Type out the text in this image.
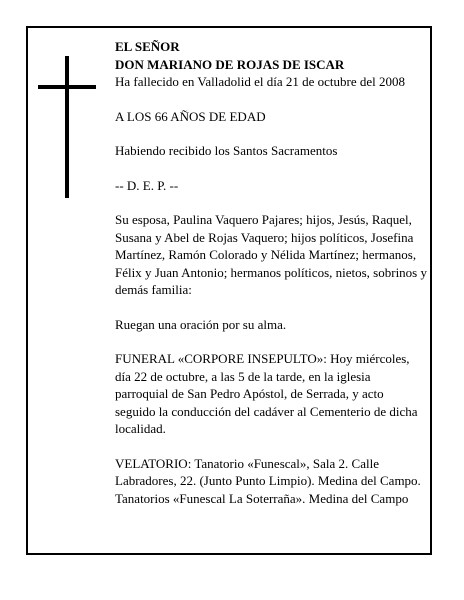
EL SEÑOR

DON MARIANO DE ROJAS DE ISCAR

Ha fallecido en Valladolid el día 21 de octubre del 2008

A LOS 66 AÑOS DE EDAD

Habiendo recibido los Santos Sacramentos

-- D. E. P. --

Su esposa, Paulina Vaquero Pajares; hijos, Jesús, Raquel, Susana y Abel de Rojas Vaquero; hijos políticos, Josefina Martínez, Ramón Colorado y Nélida Martínez; hermanos, Félix y Juan Antonio; hermanos políticos, nietos, sobrinos y demás familia:

Ruegan una oración por su alma.

FUNERAL «CORPORE INSEPULTO»: Hoy miércoles, día 22 de octubre, a las 5 de la tarde, en la iglesia parroquial de San Pedro Apóstol, de Serrada, y acto seguido la conducción del cadáver al Cementerio de dicha localidad.

VELATORIO: Tanatorio «Funescal», Sala 2. Calle Labradores, 22. (Junto Punto Limpio). Medina del Campo.

Tanatorios «Funescal La Soterraña». Medina del Campo
